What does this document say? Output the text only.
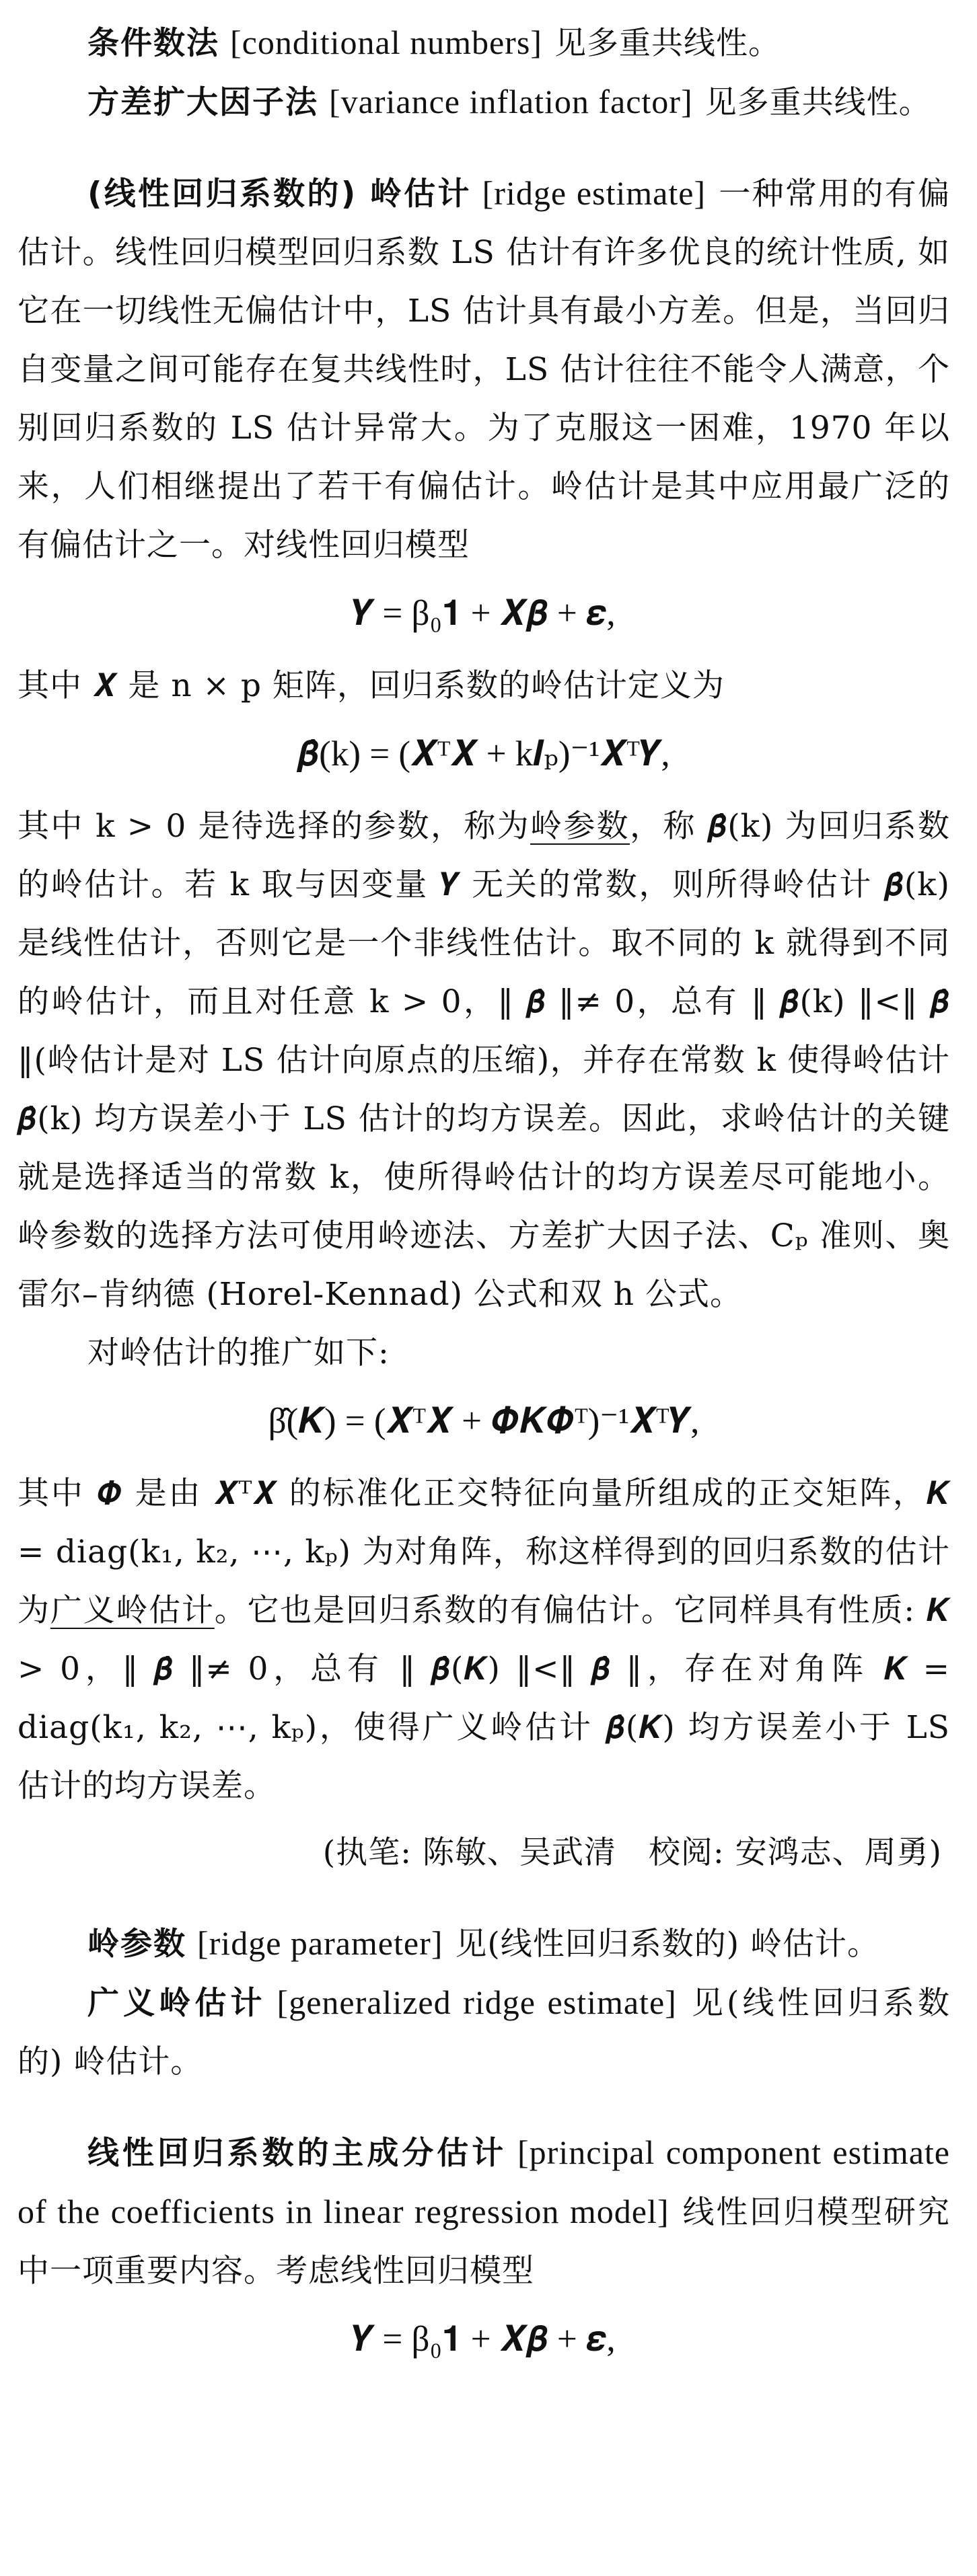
条件数法 [conditional numbers] 见多重共线性。

方差扩大因子法 [variance inflation factor] 见多重共线性。

(线性回归系数的) 岭估计 [ridge estimate] 一种常用的有偏估计。线性回归模型回归系数 LS 估计有许多优良的统计性质, 如它在一切线性无偏估计中，LS 估计具有最小方差。但是，当回归自变量之间可能存在复共线性时，LS 估计往往不能令人满意，个别回归系数的 LS 估计异常大。为了克服这一困难，1970 年以来，人们相继提出了若干有偏估计。岭估计是其中应用最广泛的有偏估计之一。对线性回归模型

𝒀 = β₀𝟏 + 𝑿𝜷 + 𝜺,

其中 𝑿 是 n × p 矩阵，回归系数的岭估计定义为

𝜷̂(k) = (𝑿ᵀ𝑿 + k𝑰ₚ)⁻¹𝑿ᵀ𝒀,

其中 k > 0 是待选择的参数，称为岭参数，称 𝜷̂(k) 为回归系数的岭估计。若 k 取与因变量 𝒀 无关的常数，则所得岭估计 𝜷̂(k) 是线性估计，否则它是一个非线性估计。取不同的 k 就得到不同的岭估计，而且对任意 k > 0，‖ 𝜷̂ ‖≠ 0，总有 ‖ 𝜷̂(k) ‖<‖ 𝜷̂ ‖(岭估计是对 LS 估计向原点的压缩)，并存在常数 k 使得岭估计 𝜷̂(k) 均方误差小于 LS 估计的均方误差。因此，求岭估计的关键就是选择适当的常数 k，使所得岭估计的均方误差尽可能地小。岭参数的选择方法可使用岭迹法、方差扩大因子法、Cₚ 准则、奥雷尔–肯纳德 (Horel-Kennad) 公式和双 h 公式。

对岭估计的推广如下:

β̂(𝑲) = (𝑿ᵀ𝑿 + 𝜱𝑲𝜱ᵀ)⁻¹𝑿ᵀ𝒀,

其中 𝜱 是由 𝑿ᵀ𝑿 的标准化正交特征向量所组成的正交矩阵，𝑲 = diag(k₁, k₂, ⋯, kₚ) 为对角阵，称这样得到的回归系数的估计为广义岭估计。它也是回归系数的有偏估计。它同样具有性质: 𝑲 > 0，‖ 𝜷̂ ‖≠ 0，总有 ‖ 𝜷̂(𝑲) ‖<‖ 𝜷̂ ‖，存在对角阵 𝑲 = diag(k₁, k₂, ⋯, kₚ)，使得广义岭估计 𝜷̂(𝑲) 均方误差小于 LS 估计的均方误差。

(执笔: 陈敏、吴武清　校阅: 安鸿志、周勇)

岭参数 [ridge parameter] 见(线性回归系数的) 岭估计。

广义岭估计 [generalized ridge estimate] 见(线性回归系数的) 岭估计。

线性回归系数的主成分估计 [principal component estimate of the coefficients in linear regression model] 线性回归模型研究中一项重要内容。考虑线性回归模型

𝒀 = β₀𝟏 + 𝑿𝜷 + 𝜺,
